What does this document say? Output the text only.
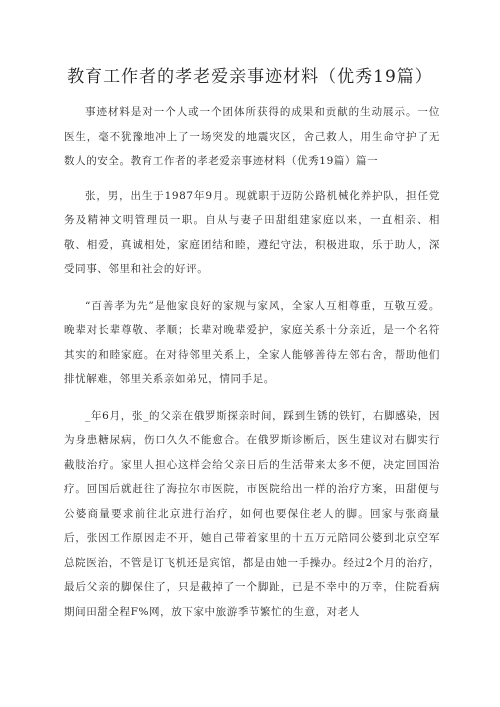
教育工作者的孝老爱亲事迹材料（优秀19篇）

事迹材料是对一个人或一个团体所获得的成果和贡献的生动展示。一位医生，毫不犹豫地冲上了一场突发的地震灾区，舍己救人，用生命守护了无数人的安全。教育工作者的孝老爱亲事迹材料（优秀19篇）篇一

张，男，出生于1987年9月。现就职于迈防公路机械化养护队，担任党务及精神文明管理员一职。自从与妻子田甜组建家庭以来，一直相亲、相敬、相爱，真诚相处，家庭团结和睦，遵纪守法，积极进取，乐于助人，深受同事、邻里和社会的好评。

“百善孝为先”是他家良好的家规与家风，全家人互相尊重，互敬互爱。晚辈对长辈尊敬、孝顺；长辈对晚辈爱护，家庭关系十分亲近，是一个名符其实的和睦家庭。在对待邻里关系上，全家人能够善待左邻右舍，帮助他们排忧解难，邻里关系亲如弟兄，情同手足。

_年6月，张_的父亲在俄罗斯探亲时间，踩到生锈的铁钉，右脚感染，因为身患糖尿病，伤口久久不能愈合。在俄罗斯诊断后，医生建议对右脚实行截肢治疗。家里人担心这样会给父亲日后的生活带来太多不便，决定回国治疗。回国后就赶往了海拉尔市医院，市医院给出一样的治疗方案，田甜便与公婆商量要求前往北京进行治疗，如何也要保住老人的脚。回家与张商量后，张因工作原因走不开，她自己带着家里的十五万元陪同公婆到北京空军总院医治，不管是订飞机还是宾馆，都是由她一手操办。经过2个月的治疗，最后父亲的脚保住了，只是截掉了一个脚趾，已是不幸中的万幸，住院看病期间田甜全程F%网，放下家中旅游季节繁忙的生意，对老人
